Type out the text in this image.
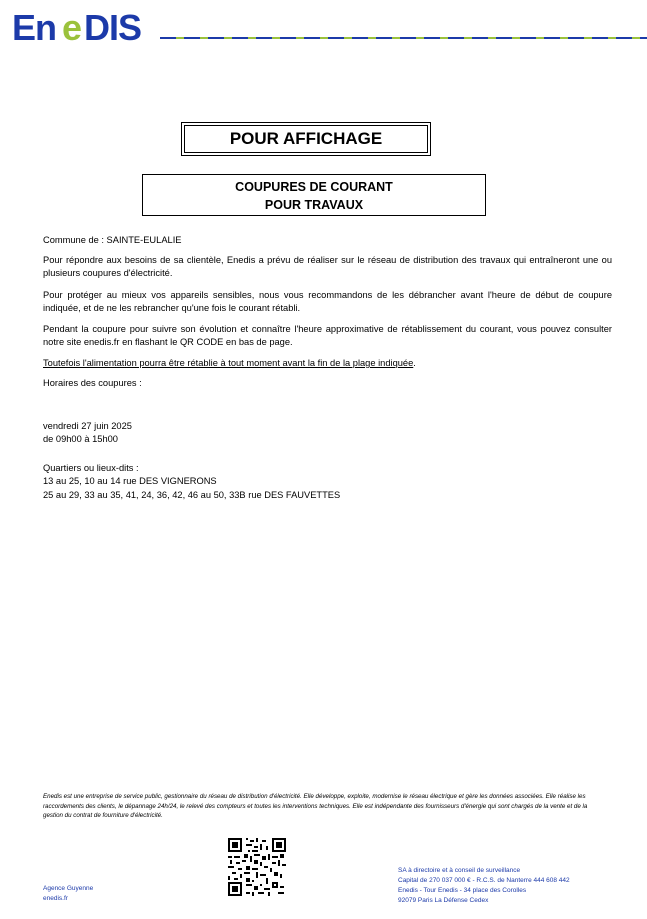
En e DIS
POUR AFFICHAGE
COUPURES DE COURANT
POUR TRAVAUX
Commune de : SAINTE-EULALIE
Pour répondre aux besoins de sa clientèle, Enedis a prévu de réaliser sur le réseau de distribution des travaux qui entraîneront une ou plusieurs coupures d'électricité.
Pour protéger au mieux vos appareils sensibles, nous vous recommandons de les débrancher avant l'heure de début de coupure indiquée, et de ne les rebrancher qu'une fois le courant rétabli.
Pendant la coupure pour suivre son évolution et connaître l'heure approximative de rétablissement du courant, vous pouvez consulter notre site enedis.fr en flashant le QR CODE en bas de page.
Toutefois l'alimentation pourra être rétablie à tout moment avant la fin de la plage indiquée.
Horaires des coupures :
vendredi 27 juin 2025
de 09h00 à 15h00
Quartiers ou lieux-dits :
13 au 25, 10 au 14 rue DES VIGNERONS
25 au 29, 33 au 35, 41, 24, 36, 42, 46 au 50, 33B rue DES FAUVETTES
Enedis est une entreprise de service public, gestionnaire du réseau de distribution d'électricité. Elle développe, exploite, modernise le réseau électrique et gère les données associées. Elle réalise les raccordements des clients, le dépannage 24h/24, le relevé des compteurs et toutes les interventions techniques. Elle est indépendante des fournisseurs d'énergie qui sont chargés de la vente et de la gestion du contrat de fourniture d'électricité.
Agence Guyenne
enedis.fr
SA à directoire et à conseil de surveillance
Capital de 270 037 000 € - R.C.S. de Nanterre 444 608 442
Enedis - Tour Enedis - 34 place des Corolles
92079 Paris La Défense Cedex
